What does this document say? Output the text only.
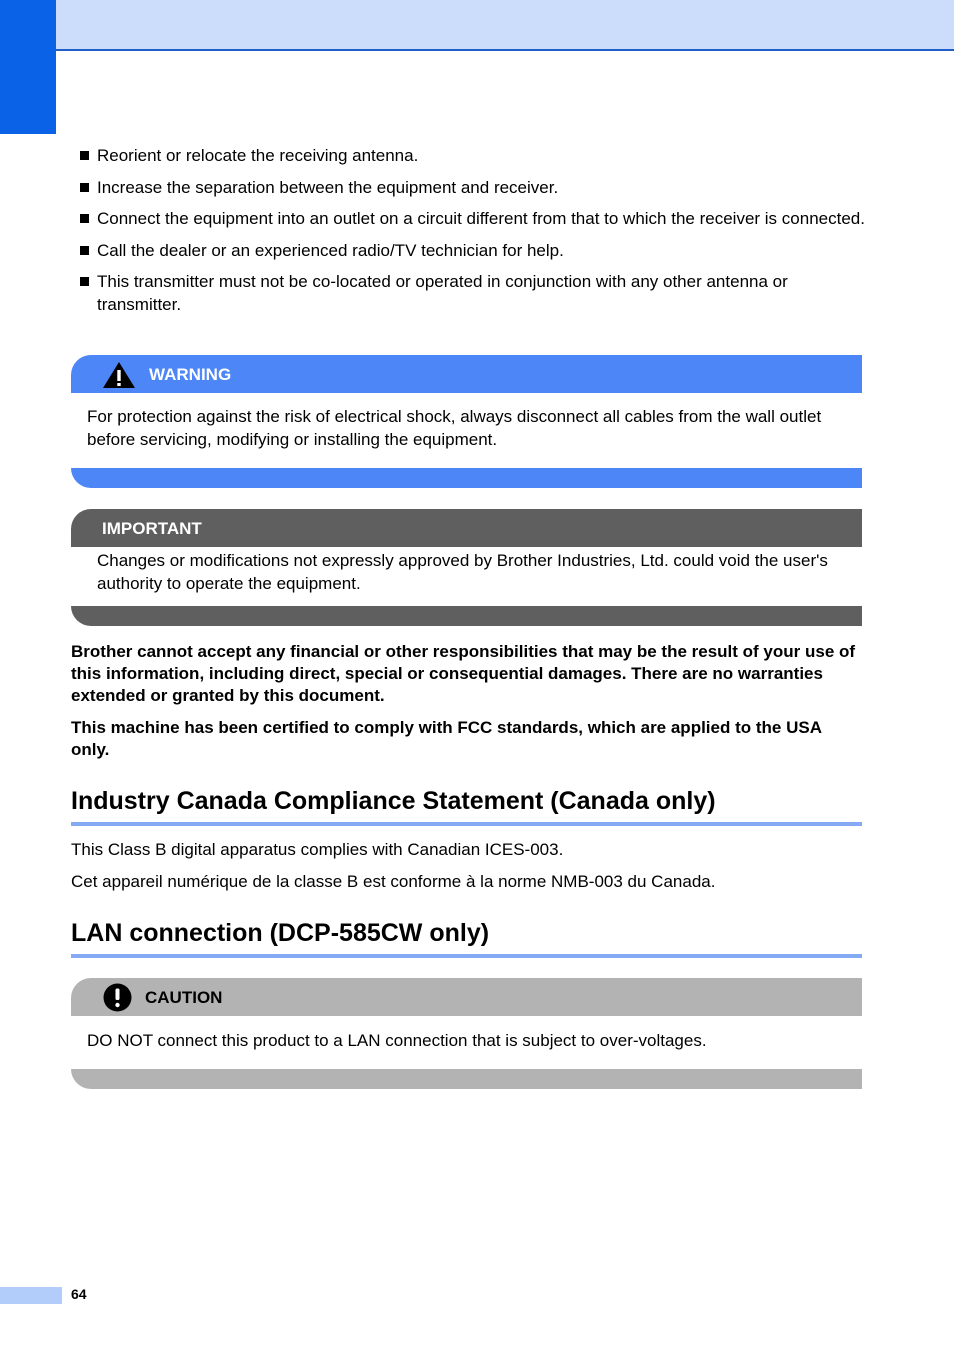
Reorient or relocate the receiving antenna.
Increase the separation between the equipment and receiver.
Connect the equipment into an outlet on a circuit different from that to which the receiver is connected.
Call the dealer or an experienced radio/TV technician for help.
This transmitter must not be co-located or operated in conjunction with any other antenna or transmitter.
WARNING
For protection against the risk of electrical shock, always disconnect all cables from the wall outlet before servicing, modifying or installing the equipment.
IMPORTANT
Changes or modifications not expressly approved by Brother Industries, Ltd. could void the user's authority to operate the equipment.

Brother cannot accept any financial or other responsibilities that may be the result of your use of this information, including direct, special or consequential damages. There are no warranties extended or granted by this document.

This machine has been certified to comply with FCC standards, which are applied to the USA only.

Industry Canada Compliance Statement (Canada only)

This Class B digital apparatus complies with Canadian ICES-003.

Cet appareil numérique de la classe B est conforme à la norme NMB-003 du Canada.

LAN connection (DCP-585CW only)
CAUTION
DO NOT connect this product to a LAN connection that is subject to over-voltages.
64
